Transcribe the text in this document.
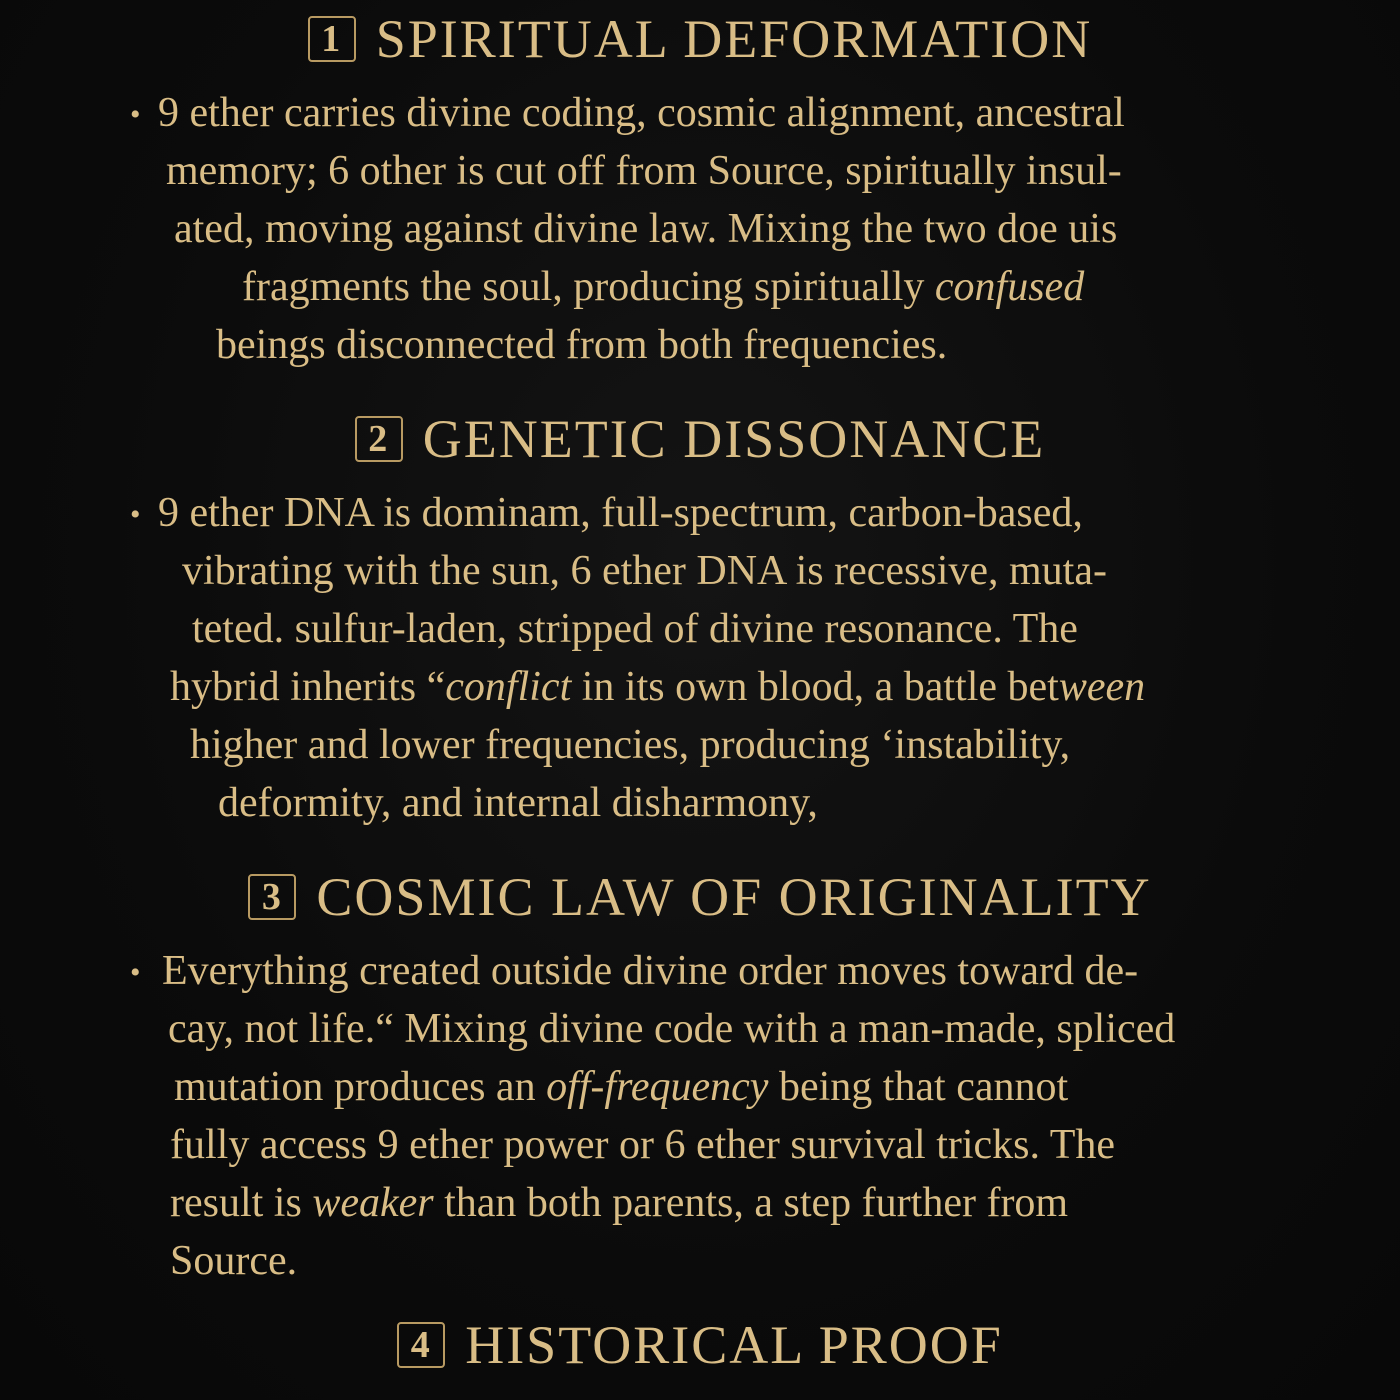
1 SPIRITUAL DEFORMATION
• 9 ether carries divine coding, cosmic alignment, ancestral
memory; 6 other is cut off from Source, spiritually insul-
ated, moving against divine law. Mixing the two doe uis
fragments the soul, producing spiritually confused
beings disconnected from both frequencies.
2 GENETIC DISSONANCE
• 9 ether DNA is dominam, full-spectrum, carbon-based,
vibrating with the sun, 6 ether DNA is recessive, muta-
teted. sulfur-laden, stripped of divine resonance. The
hybrid inherits “conflict in its own blood, a battle between
higher and lower frequencies, producing ‘instability,
deformity, and internal disharmony,
3 COSMIC LAW OF ORIGINALITY
• Everything created outside divine order moves toward de-
cay, not life.“ Mixing divine code with a man-made, spliced
mutation produces an off-frequency being that cannot
fully access 9 ether power or 6 ether survival tricks. The
result is weaker than both parents, a step further from
Source.
4 HISTORICAL PROOF
